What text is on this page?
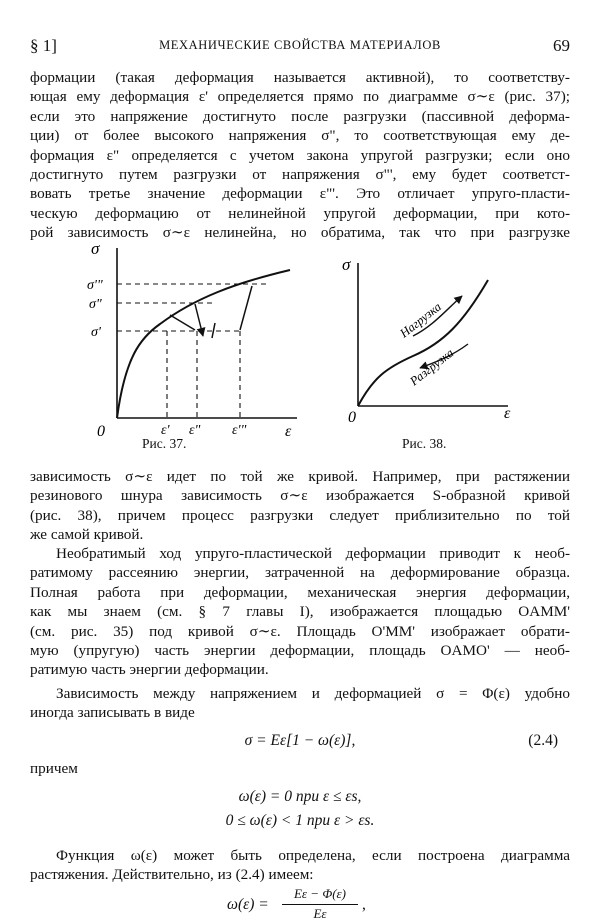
§ 1]	МЕХАНИЧЕСКИЕ СВОЙСТВА МАТЕРИАЛОВ	69
формации (такая деформация называется активной), то соответству-
ющая ему деформация ε' определяется прямо по диаграмме σ∼ε (рис. 37);
если это напряжение достигнуто после разгрузки (пассивной деформа-
ции) от более высокого напряжения σ", то соответствующая ему де-
формация ε" определяется с учетом закона упругой разгрузки; если оно
достигнуто путем разгрузки от напряжения σ"', ему будет соответст-
вовать третье значение деформации ε"'. Это отличает упруго-пласти-
ческую деформацию от нелинейной упругой деформации, при кото-
рой зависимость σ∼ε нелинейна, но обратима, так что при разгрузке
σ
ε
0
σ'"
σ"
σ'
ε' ε" ε'"
Рис. 37.
σ
ε
0
Нагрузка
Разгрузка
Рис. 38.
зависимость σ∼ε идет по той же кривой. Например, при растяжении
резинового шнура зависимость σ∼ε изображается S-образной кривой
(рис. 38), причем процесс разгрузки следует приблизительно по той
же самой кривой.
Необратимый ход упруго-пластической деформации приводит к необ-
ратимому рассеянию энергии, затраченной на деформирование образца.
Полная работа при деформации, механическая энергия деформации,
как мы знаем (см. § 7 главы I), изображается площадью OAMM'
(см. рис. 35) под кривой σ∼ε. Площадь O'MM' изображает обрати-
мую (упругую) часть энергии деформации, площадь OAMO' — необ-
ратимую часть энергии деформации.
Зависимость между напряжением и деформацией σ = Φ(ε) удобно
иногда записывать в виде
σ = Eε[1 − ω(ε)],	(2.4)
причем
ω(ε) = 0 при ε ≤ εs,
0 ≤ ω(ε) < 1 при ε > εs.
Функция ω(ε) может быть определена, если построена диаграмма
растяжения. Действительно, из (2.4) имеем:
ω(ε) =
Eε − Φ(ε)
Eε
,
